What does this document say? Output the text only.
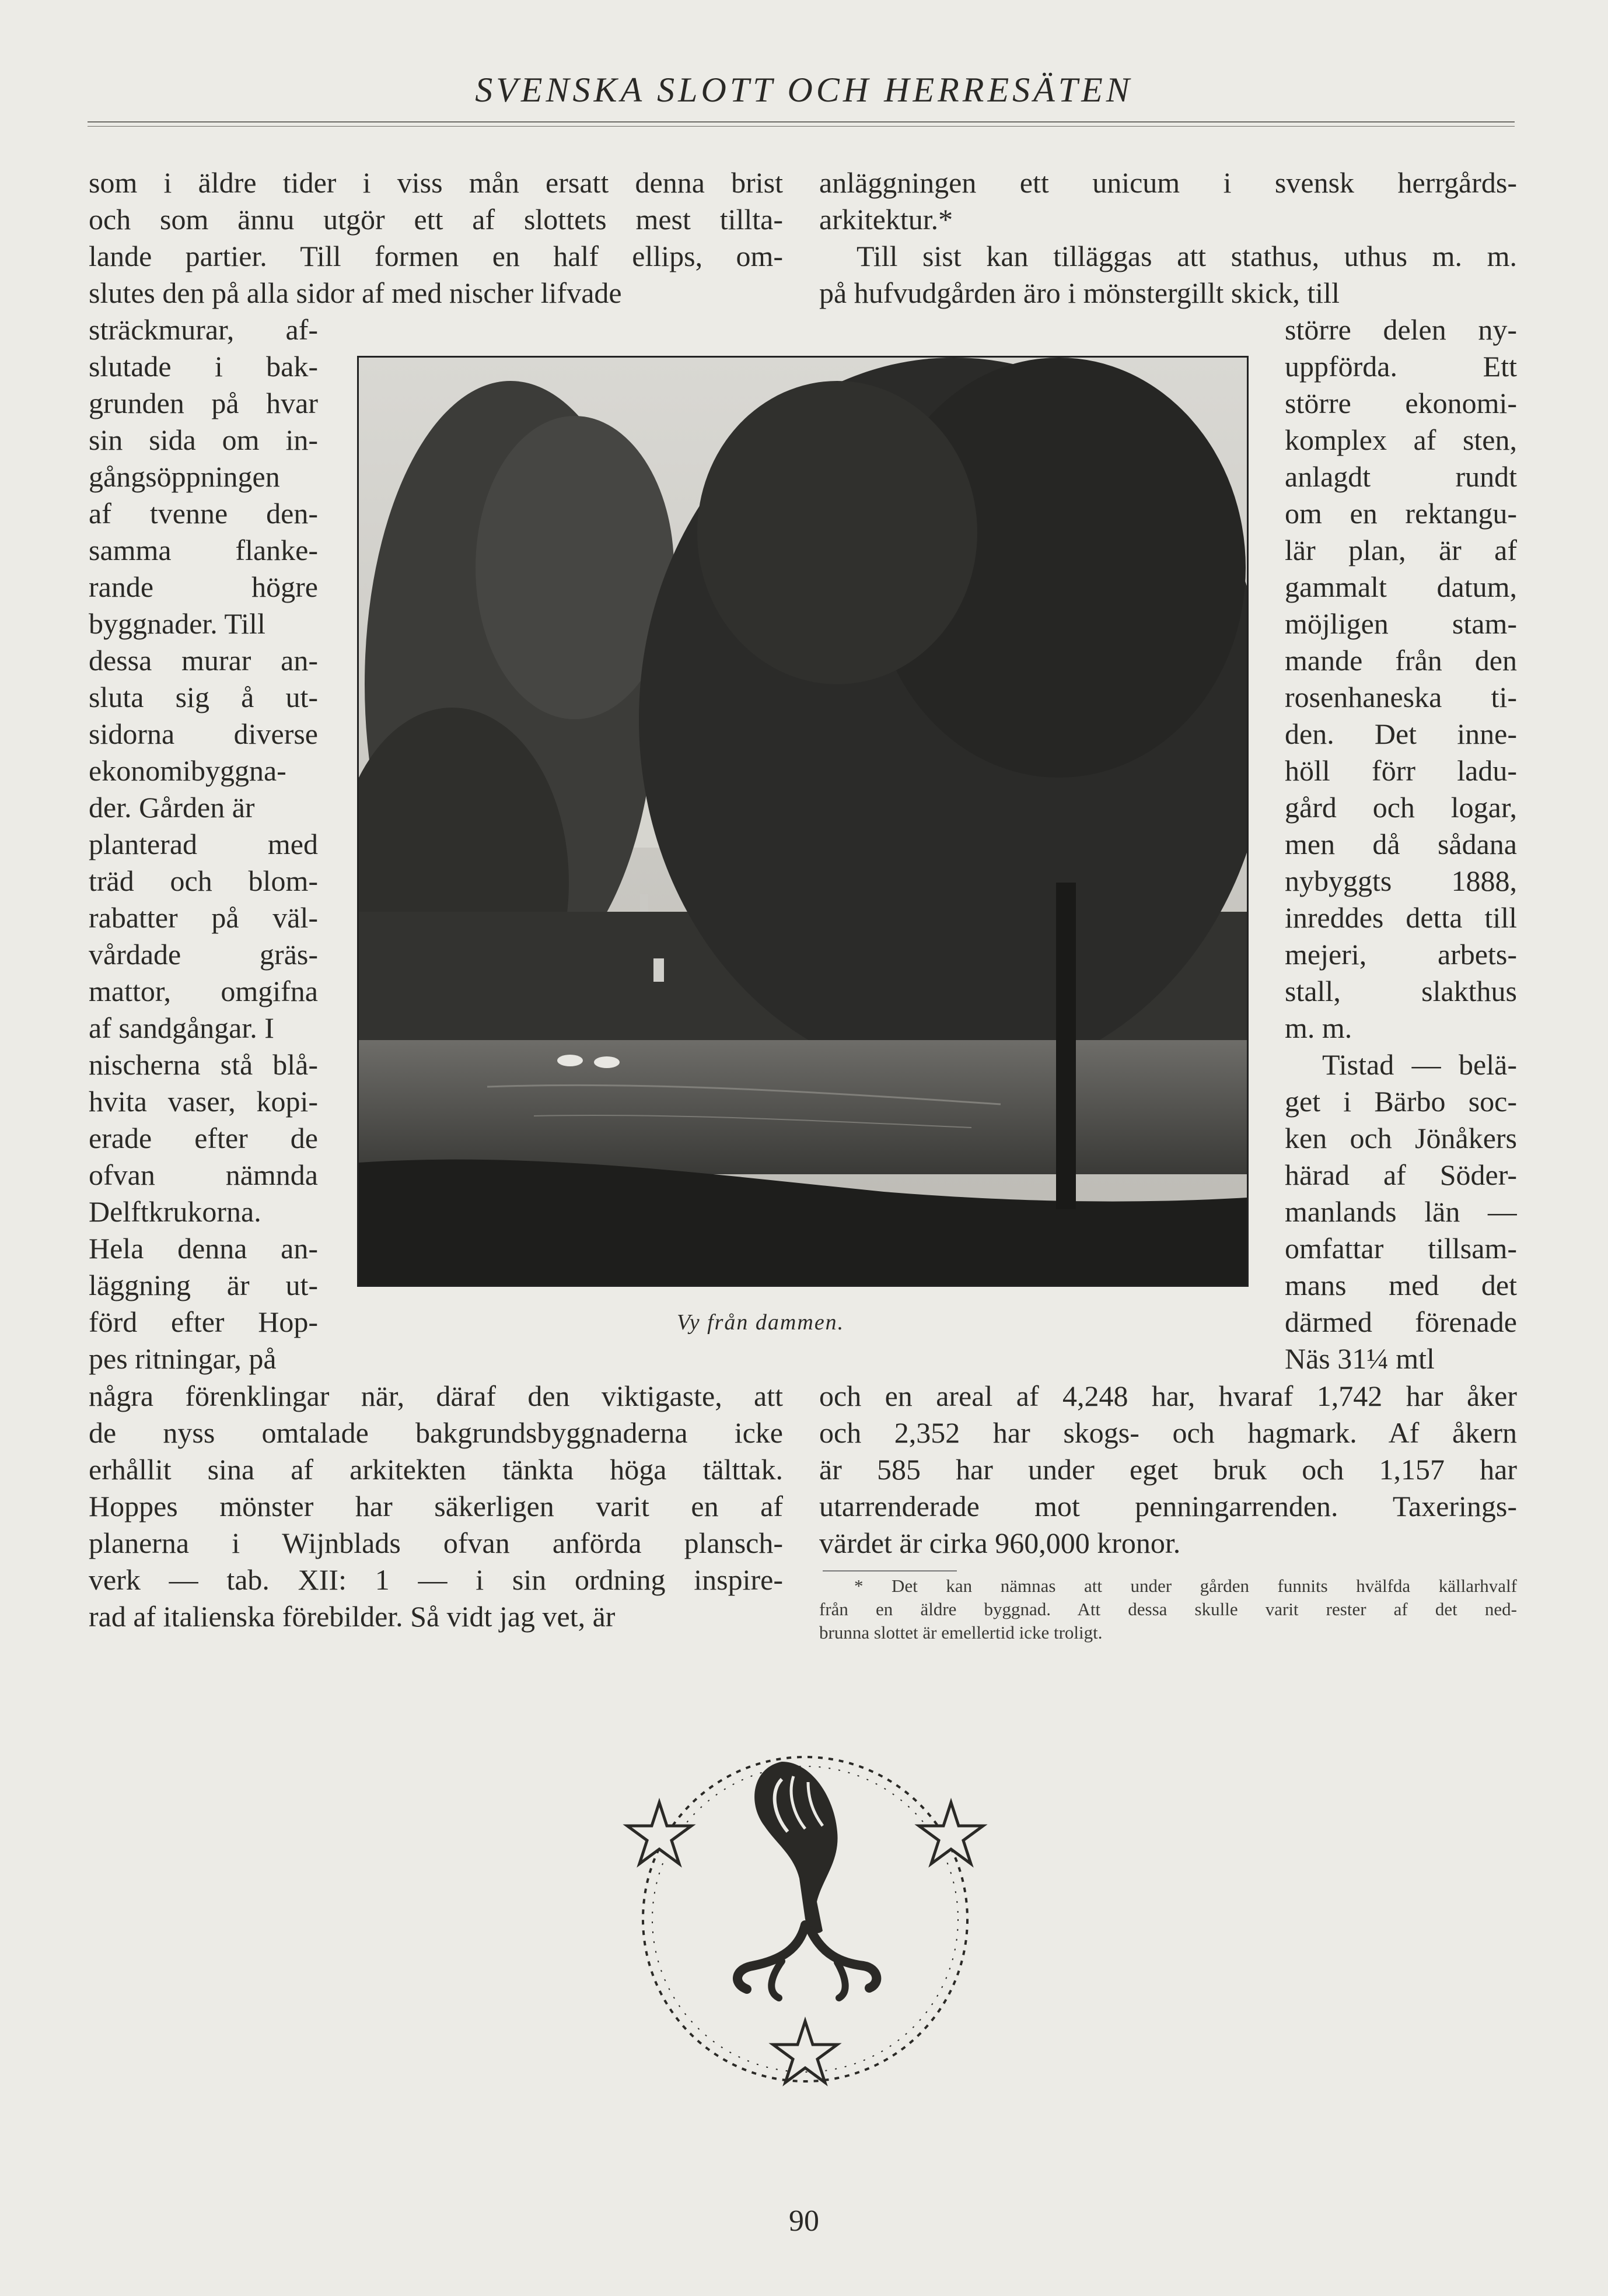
SVENSKA SLOTT OCH HERRESÄTEN
som i äldre tider i viss mån ersatt denna brist
och som ännu utgör ett af slottets mest tillta-
lande partier. Till formen en half ellips, om-
slutes den på alla sidor af med nischer lifvade
sträckmurar, af-
slutade i bak-
grunden på hvar
sin sida om in-
gångsöppningen
af tvenne den-
samma flanke-
rande högre
byggnader. Till
dessa murar an-
sluta sig å ut-
sidorna diverse
ekonomibyggna-
der. Gården är
planterad med
träd och blom-
rabatter på väl-
vårdade gräs-
mattor, omgifna
af sandgångar. I
nischerna stå blå-
hvita vaser, kopi-
erade efter de
ofvan nämnda
Delftkrukorna.
Hela denna an-
läggning är ut-
förd efter Hop-
pes ritningar, på
några förenklingar när, däraf den viktigaste, att
de nyss omtalade bakgrundsbyggnaderna icke
erhållit sina af arkitekten tänkta höga tälttak.
Hoppes mönster har säkerligen varit en af
planerna i Wijnblads ofvan anförda plansch-
verk — tab. XII: 1 — i sin ordning inspire-
rad af italienska förebilder. Så vidt jag vet, är
anläggningen ett unicum i svensk herrgårds-
arkitektur.*
Till sist kan tilläggas att stathus, uthus m. m.
på hufvudgården äro i mönstergillt skick, till
större delen ny-
uppförda. Ett
större ekonomi-
komplex af sten,
anlagdt rundt
om en rektangu-
lär plan, är af
gammalt datum,
möjligen stam-
mande från den
rosenhaneska ti-
den. Det inne-
höll förr ladu-
gård och logar,
men då sådana
nybyggts 1888,
inreddes detta till
mejeri, arbets-
stall, slakthus
m. m.
Tistad — belä-
get i Bärbo soc-
ken och Jönåkers
härad af Söder-
manlands län —
omfattar tillsam-
mans med det
därmed förenade
Näs 31¼ mtl
och en areal af 4,248 har, hvaraf 1,742 har åker
och 2,352 har skogs- och hagmark. Af åkern
är 585 har under eget bruk och 1,157 har
utarrenderade mot penningarrenden. Taxerings-
värdet är cirka 960,000 kronor.
Vy från dammen.
* Det kan nämnas att under gården funnits hvälfda källarhvalf
från en äldre byggnad. Att dessa skulle varit rester af det ned-
brunna slottet är emellertid icke troligt.
90
